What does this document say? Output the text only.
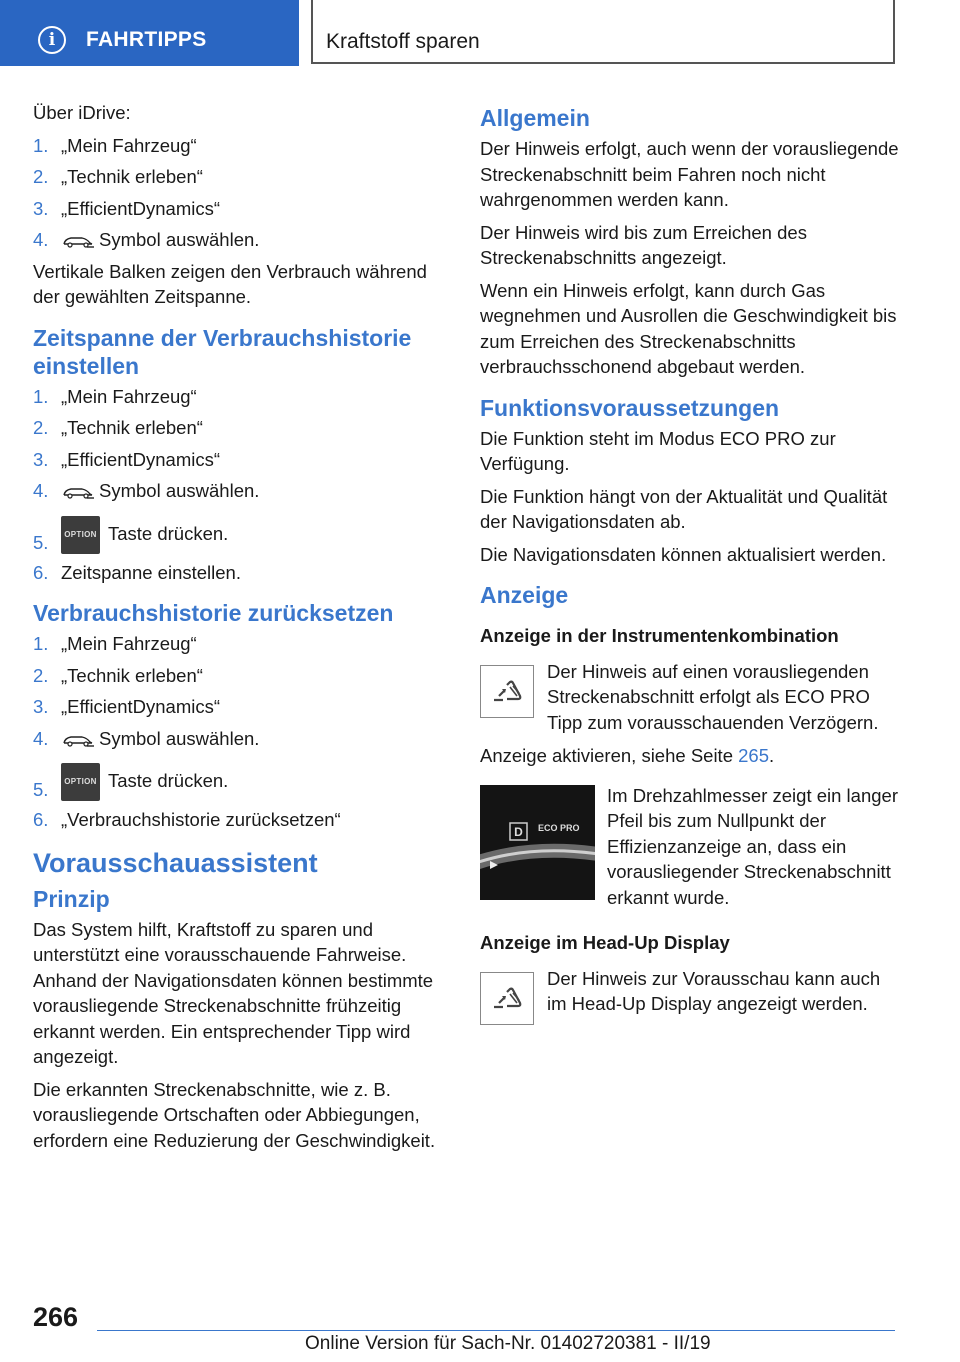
i	FAHRTIPPS	Kraftstoff sparen

Über iDrive:

1. „Mein Fahrzeug“
2. „Technik erleben“
3. „EfficientDynamics“
4.	Symbol auswählen.

Vertikale Balken zeigen den Verbrauch während der gewählten Zeitspanne.

Zeitspanne der Verbrauchshistorie einstellen
1. „Mein Fahrzeug“
2. „Technik erleben“
3. „EfficientDynamics“
4.	Symbol auswählen.
5. OPTION Taste drücken.
6. Zeitspanne einstellen.
Verbrauchshistorie zurücksetzen
1. „Mein Fahrzeug“
2. „Technik erleben“
3. „EfficientDynamics“
4.	Symbol auswählen.
5. OPTION Taste drücken.
6. „Verbrauchshistorie zurücksetzen“
Vorausschauassistent
Prinzip

Das System hilft, Kraftstoff zu sparen und unterstützt eine vorausschauende Fahrweise. Anhand der Navigationsdaten können bestimmte vorausliegende Streckenabschnitte frühzeitig erkannt werden. Ein entsprechender Tipp wird angezeigt.

Die erkannten Streckenabschnitte, wie z. B. vorausliegende Ortschaften oder Abbiegungen, erfordern eine Reduzierung der Geschwindigkeit.

Allgemein

Der Hinweis erfolgt, auch wenn der vorausliegende Streckenabschnitt beim Fahren noch nicht wahrgenommen werden kann.

Der Hinweis wird bis zum Erreichen des Streckenabschnitts angezeigt.

Wenn ein Hinweis erfolgt, kann durch Gas wegnehmen und Ausrollen die Geschwindigkeit bis zum Erreichen des Streckenabschnitts verbrauchsschonend abgebaut werden.

Funktionsvoraussetzungen

Die Funktion steht im Modus ECO PRO zur Verfügung.

Die Funktion hängt von der Aktualität und Qualität der Navigationsdaten ab.

Die Navigationsdaten können aktualisiert werden.

Anzeige
Anzeige in der Instrumentenkombination

Der Hinweis auf einen vorausliegenden Streckenabschnitt erfolgt als ECO PRO Tipp zum vorausschauenden Verzögern.

Anzeige aktivieren, siehe Seite 265.

D ECO PRO

Im Drehzahlmesser zeigt ein langer Pfeil bis zum Nullpunkt der Effizienzanzeige an, dass ein vorausliegender Streckenabschnitt erkannt wurde.

Anzeige im Head-Up Display

Der Hinweis zur Vorausschau kann auch im Head-Up Display angezeigt werden.

266
Online Version für Sach-Nr. 01402720381 - II/19
